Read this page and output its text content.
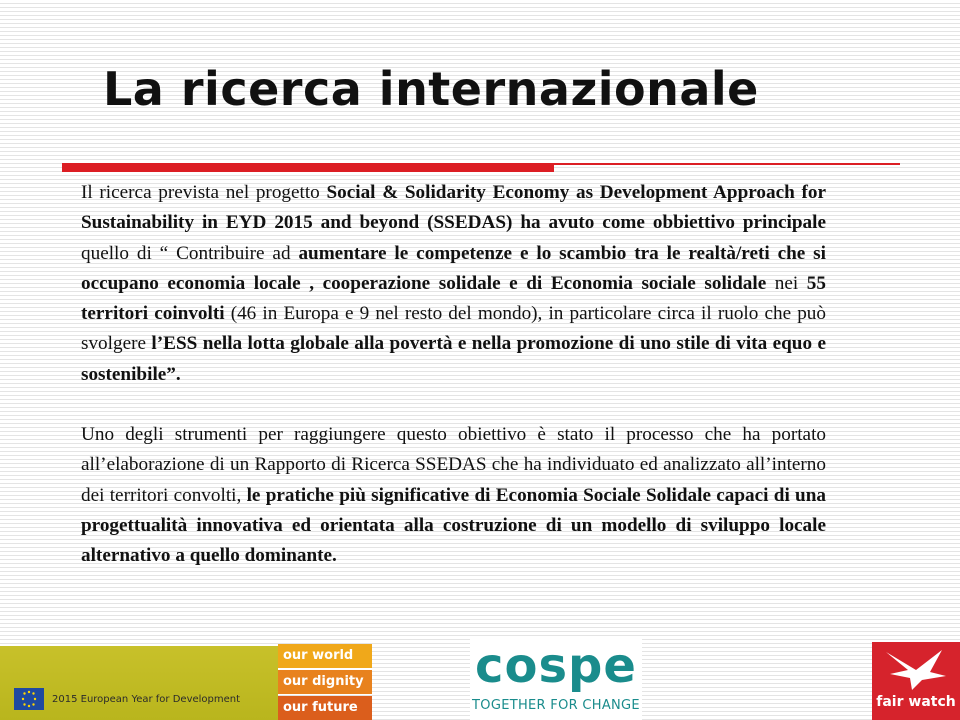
La ricerca internazionale

Il ricerca prevista nel progetto Social & Solidarity Economy as Development Approach for Sustainability in EYD 2015 and beyond (SSEDAS) ha avuto come obbiettivo principale quello di “ Contribuire ad aumentare le competenze e lo scambio tra le realtà/reti che si occupano economia locale , cooperazione solidale e di Economia sociale solidale nei 55 territori coinvolti (46 in Europa e 9 nel resto del mondo), in particolare circa il ruolo che può svolgere l’ESS nella lotta globale alla povertà e nella promozione di uno stile di vita equo e sostenibile”.

Uno degli strumenti per raggiungere questo obiettivo è stato il processo che ha portato all’elaborazione di un Rapporto di Ricerca SSEDAS che ha individuato ed analizzato all’interno dei territori convolti, le pratiche più significative di Economia Sociale Solidale capaci di una progettualità innovativa ed orientata alla costruzione di un modello di sviluppo locale alternativo a quello dominante.

2015 European Year for Development
our world
our dignity
our future
cospe
TOGETHER FOR CHANGE	fair watch
